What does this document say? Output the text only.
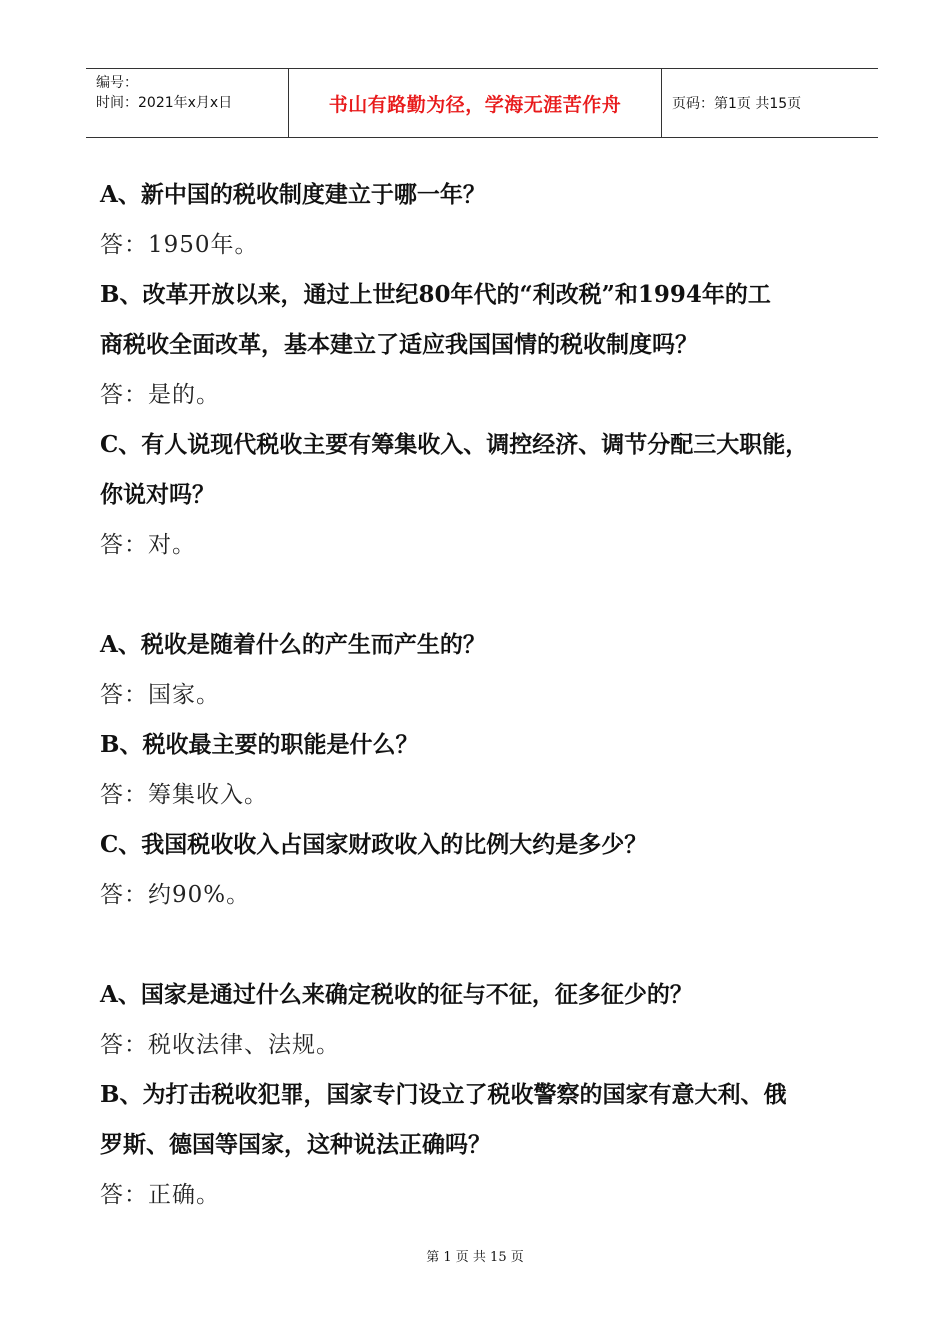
编号：
时间：2021年x月x日	书山有路勤为径，学海无涯苦作舟	页码：第1页 共15页
A、新中国的税收制度建立于哪一年？
答：1950年。
B、改革开放以来，通过上世纪80年代的“利改税”和1994年的工
商税收全面改革，基本建立了适应我国国情的税收制度吗？
答：是的。
C、有人说现代税收主要有筹集收入、调控经济、调节分配三大职能，
你说对吗？
答：对。
A、税收是随着什么的产生而产生的？
答：国家。
B、税收最主要的职能是什么？
答：筹集收入。
C、我国税收收入占国家财政收入的比例大约是多少？
答：约90%。
A、国家是通过什么来确定税收的征与不征，征多征少的？
答：税收法律、法规。
B、为打击税收犯罪，国家专门设立了税收警察的国家有意大利、俄
罗斯、德国等国家，这种说法正确吗？
答：正确。
第 1 页 共 15 页
